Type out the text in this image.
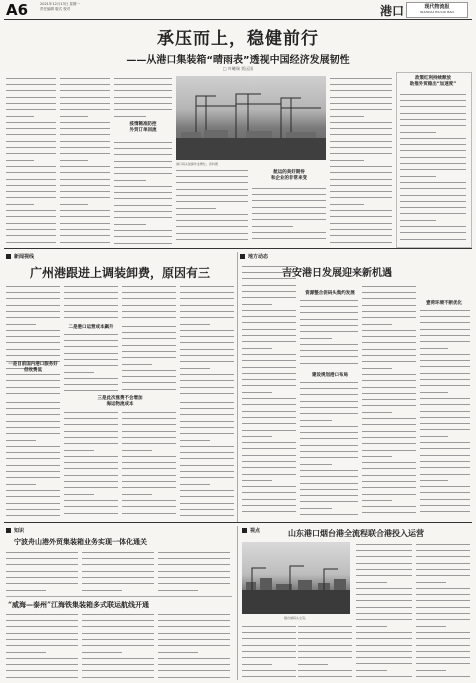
A6	2021年12月13日 星期一
责任编辑 版式 校对	港口	现代物流报
XIANDAI WULIU BAO
承压而上，稳健前行
——从港口集装箱“晴雨表”透视中国经济发展韧性
□ 叶曦瑞 贾远国
疫情稀准防控
外贸订单回流
港口码头装卸作业繁忙。资料图
航运的美好期待
和企业的非常来变
政策红利持续释放
助推外贸稳出“加速度”
新闻视线	地方动态
广州港跟进上调装卸费，原因有三
一是目前国内港口服务好
但收费低
二是港口运营成本飙升
三是此次涨费不会增加
海运物流成本
吉安港日发展迎来新机遇
资源整合促码头集约发展
建设规划港口布局
壹荷环境不断优化
知识
宁波舟山港外贸集装箱业务实现一体化通关
“威海—泰州”江海铁集装箱多式联运航线开通
视点	山东港口烟台港全流程联合港投入运营
烟台港码头全景。
